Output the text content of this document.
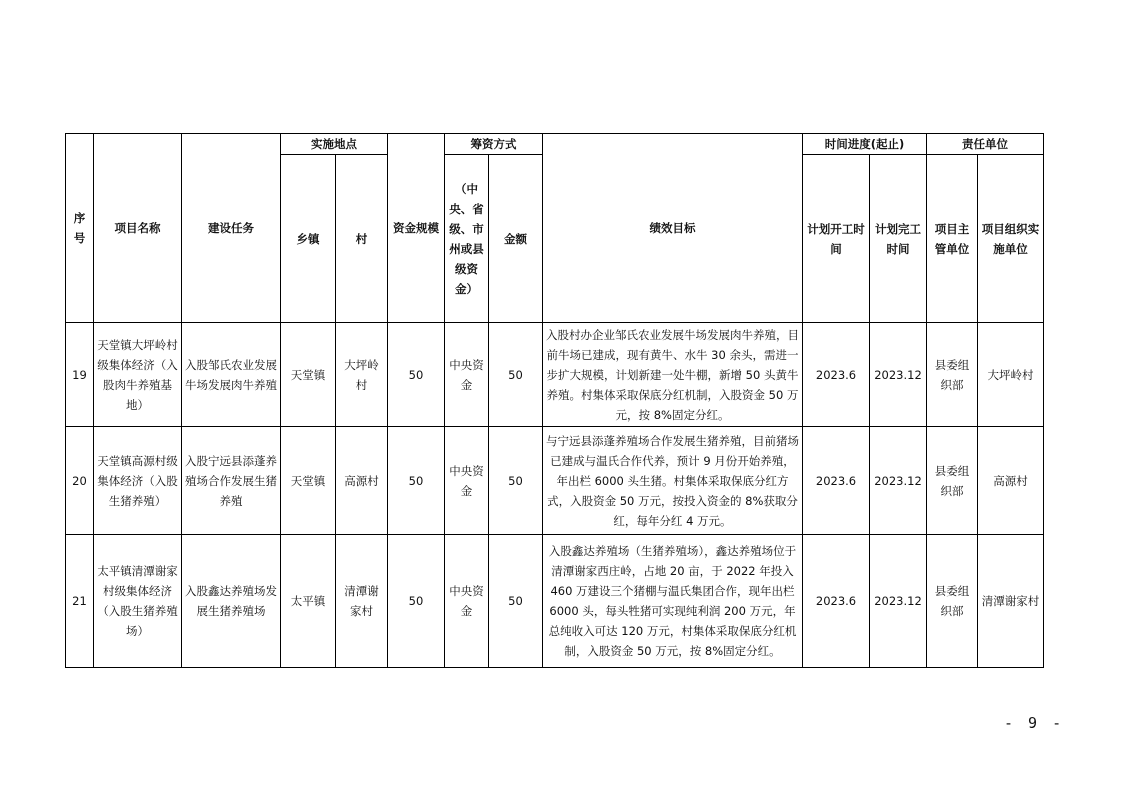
序号	项目名称	建设任务	实施地点		资金规模	筹资方式		绩效目标	时间进度(起止)		责任单位	
			乡镇	村		（中央、省级、市州或县级资金）	金额		计划开工时间	计划完工时间	项目主管单位	项目组织实施单位
19	天堂镇大坪岭村级集体经济（入股肉牛养殖基地）	入股邹氏农业发展牛场发展肉牛养殖	天堂镇	大坪岭村	50	中央资金	50	入股村办企业邹氏农业发展牛场发展肉牛养殖，目前牛场已建成，现有黄牛、水牛 30 余头，需进一步扩大规模，计划新建一处牛棚，新增 50 头黄牛养殖。村集体采取保底分红机制，入股资金 50 万元，按 8%固定分红。	2023.6	2023.12	县委组织部	大坪岭村
20	天堂镇高源村级集体经济（入股生猪养殖）	入股宁远县添蓬养殖场合作发展生猪养殖	天堂镇	高源村	50	中央资金	50	与宁远县添蓬养殖场合作发展生猪养殖，目前猪场已建成与温氏合作代养，预计 9 月份开始养殖，年出栏 6000 头生猪。村集体采取保底分红方式，入股资金 50 万元，按投入资金的 8%获取分红，每年分红 4 万元。	2023.6	2023.12	县委组织部	高源村
21	太平镇清潭谢家村级集体经济（入股生猪养殖场）	入股鑫达养殖场发展生猪养殖场	太平镇	清潭谢家村	50	中央资金	50	入股鑫达养殖场（生猪养殖场），鑫达养殖场位于清潭谢家西庄岭，占地 20 亩，于 2022 年投入 460 万建设三个猪棚与温氏集团合作，现年出栏 6000 头，每头牲猪可实现纯利润 200 万元，年总纯收入可达 120 万元，村集体采取保底分红机制，入股资金 50 万元，按 8%固定分红。	2023.6	2023.12	县委组织部	清潭谢家村
- 9 -
